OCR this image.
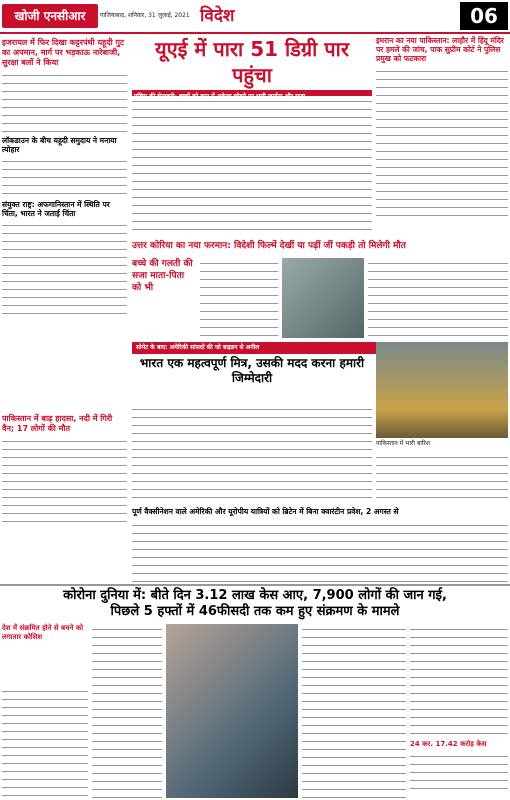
खोजी एनसीआर	गाजियाबाद, शनिवार, 31 जुलाई, 2021 विदेश	06
इजरायल में फिर दिखा कट्टरपंथी यहूदी गुट का अपमान, मार्ग पर भड़काऊ नारेबाजी, सुरक्षा बलों ने किया
लॉकडाउन के बीच यहूदी समुदाय ने मनाया त्योहार
संयुक्त राष्ट्र: अफगानिस्तान में स्थिति पर चिंता, भारत ने जताई चिंता
पाकिस्तान में बाढ़ हादसा, नदी में गिरी वैन; 17 लोगों की मौत
यूएई में पारा 51 डिग्री पार पहुंचा
उत्तर कोरिया का नया फरमान: विदेशी फिल्में देखीं या पढ़ीं जीं पकड़ी तो मिलेगी मौत
बच्चे की गलती की सजा माता-पिता को भी
सोमेट के बाद: अमेरिकी सांसदों की जो बाइडन से अपील
भारत एक महत्वपूर्ण मित्र, उसकी मदद करना हमारी जिम्मेदारी
पाकिस्तान में भारी बारिश
इमरान का नया पाकिस्तान: लाहौर में हिंदू मंदिर पर हमले की जांच, पाक सुप्रीम कोर्ट ने पुलिस प्रमुख को फटकारा
पूर्ण वैक्सीनेशन वाले अमेरिकी और यूरोपीय यात्रियों को ब्रिटेन में बिना क्वारंटीन प्रवेश, 2 अगस्त से
कोरोना दुनिया में: बीते दिन 3.12 लाख केस आए, 7,900 लोगों की जान गई,
पिछले 5 हफ्तों में 46फीसदी तक कम हुए संक्रमण के मामले
देश में संक्रमित होने से बचने को लगातार कोशिश
24 कर. 17.42 करोड़ केस
